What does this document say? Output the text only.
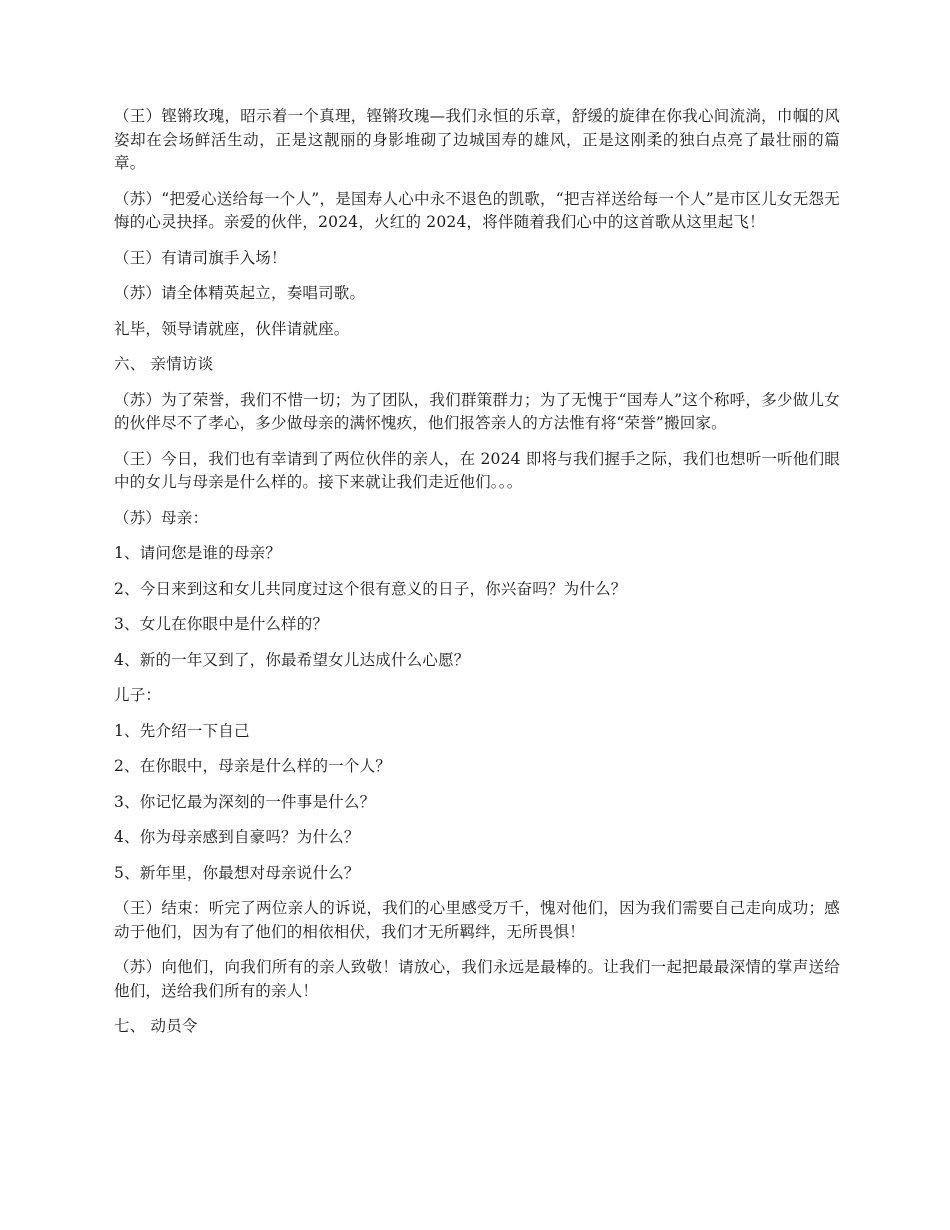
（王）铿锵玫瑰，昭示着一个真理，铿锵玫瑰—我们永恒的乐章，舒缓的旋律在你我心间流淌，巾帼的风姿却在会场鲜活生动，正是这靓丽的身影堆砌了边城国寿的雄风，正是这刚柔的独白点亮了最壮丽的篇章。

（苏）“把爱心送给每一个人”，是国寿人心中永不退色的凯歌，“把吉祥送给每一个人”是市区儿女无怨无悔的心灵抉择。亲爱的伙伴，2024，火红的 2024，将伴随着我们心中的这首歌从这里起飞！

（王）有请司旗手入场！

（苏）请全体精英起立，奏唱司歌。

礼毕，领导请就座，伙伴请就座。

六、 亲情访谈

（苏）为了荣誉，我们不惜一切；为了团队，我们群策群力；为了无愧于“国寿人”这个称呼，多少做儿女的伙伴尽不了孝心，多少做母亲的满怀愧疚，他们报答亲人的方法惟有将“荣誉”搬回家。

（王）今日，我们也有幸请到了两位伙伴的亲人，在 2024 即将与我们握手之际，我们也想听一听他们眼中的女儿与母亲是什么样的。接下来就让我们走近他们。。。

（苏）母亲：

1、请问您是谁的母亲？

2、今日来到这和女儿共同度过这个很有意义的日子，你兴奋吗？为什么？

3、女儿在你眼中是什么样的？

4、新的一年又到了，你最希望女儿达成什么心愿？

儿子：

1、先介绍一下自己

2、在你眼中，母亲是什么样的一个人？

3、你记忆最为深刻的一件事是什么？

4、你为母亲感到自豪吗？为什么？

5、新年里，你最想对母亲说什么？

（王）结束：听完了两位亲人的诉说，我们的心里感受万千，愧对他们，因为我们需要自己走向成功；感动于他们，因为有了他们的相依相伏，我们才无所羁绊，无所畏惧！

（苏）向他们，向我们所有的亲人致敬！请放心，我们永远是最棒的。让我们一起把最最深情的掌声送给他们，送给我们所有的亲人！

七、 动员令
